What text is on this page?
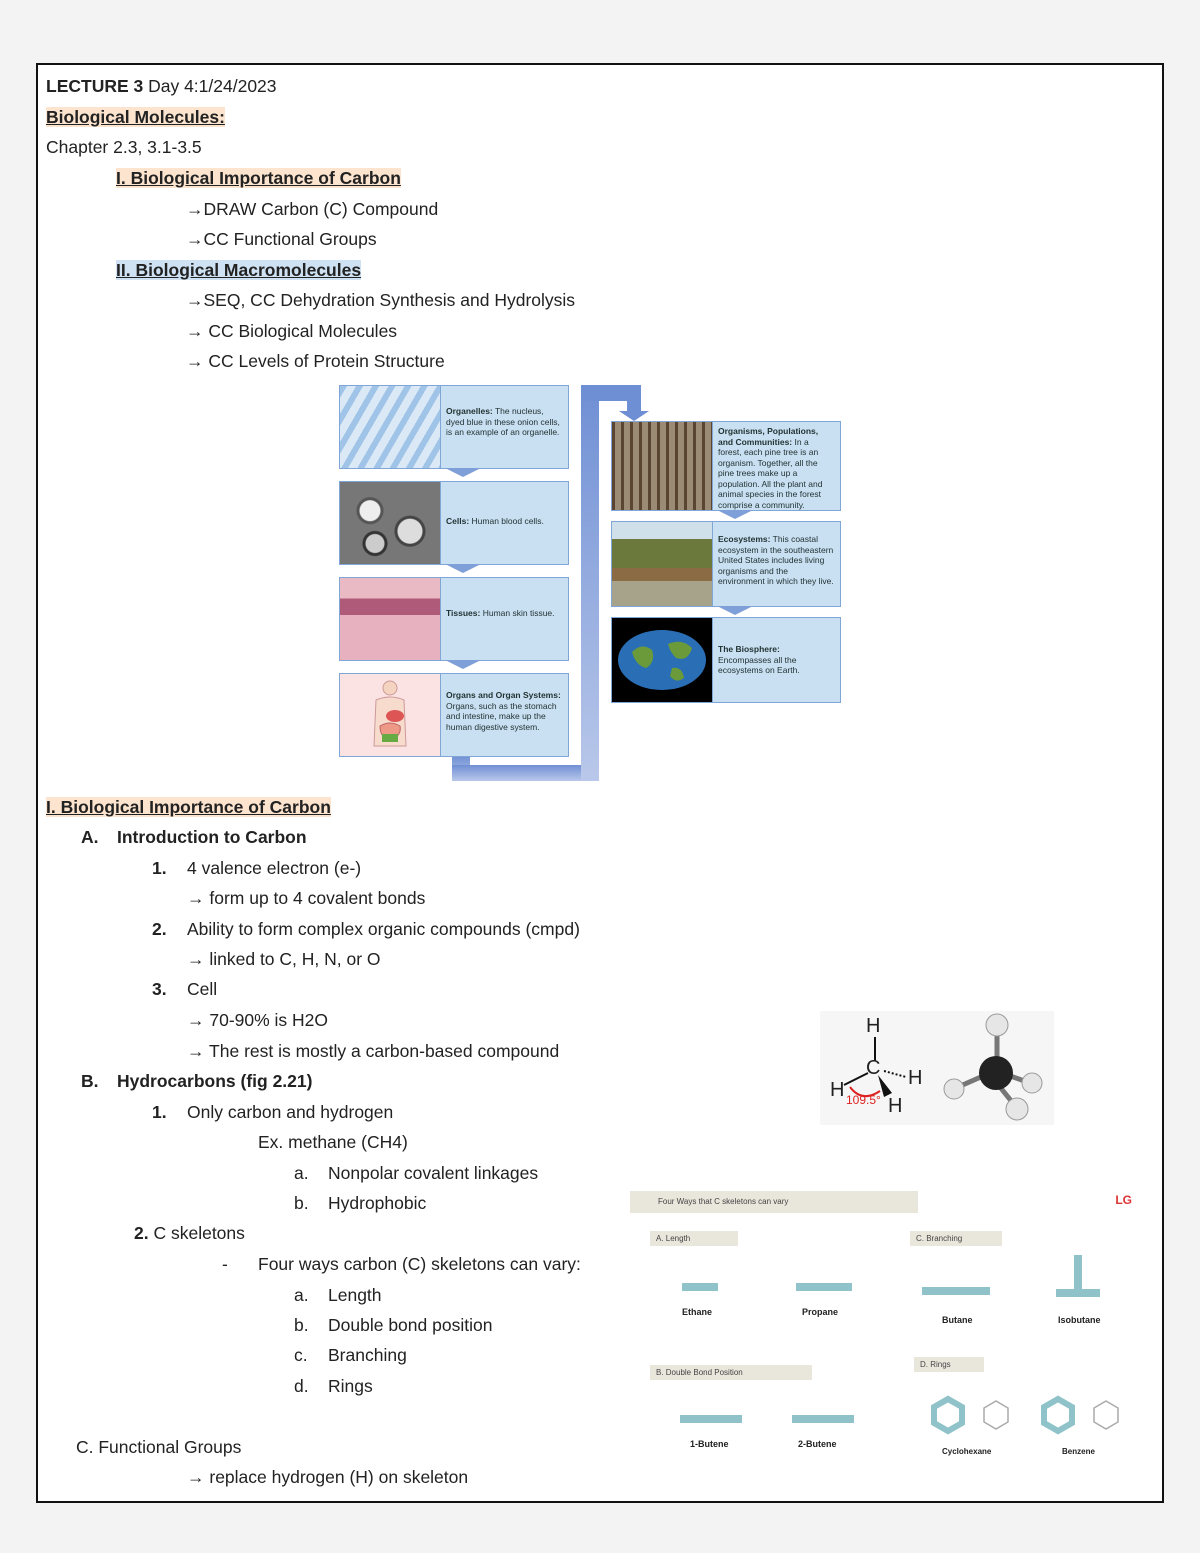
LECTURE 3 Day 4:1/24/2023
Biological Molecules:
Chapter 2.3, 3.1-3.5
I. Biological Importance of Carbon
→DRAW Carbon (C) Compound
→CC Functional Groups
II. Biological Macromolecules
→SEQ, CC Dehydration Synthesis and Hydrolysis
→ CC Biological Molecules
→ CC Levels of Protein Structure
Organelles: The nucleus, dyed blue in these onion cells, is an example of an organelle.
Cells: Human blood cells.
Tissues: Human skin tissue.
Organs and Organ Systems: Organs, such as the stomach and intestine, make up the human digestive system.
Organisms, Populations, and Communities: In a forest, each pine tree is an organism. Together, all the pine trees make up a population. All the plant and animal species in the forest comprise a community.
Ecosystems: This coastal ecosystem in the southeastern United States includes living organisms and the environment in which they live.
The Biosphere: Encompasses all the ecosystems on Earth.
I. Biological Importance of Carbon
A. Introduction to Carbon
1. 4 valence electron (e-)
→ form up to 4 covalent bonds
2. Ability to form complex organic compounds (cmpd)
→ linked to C, H, N, or O
3. Cell
→ 70-90% is H2O
→ The rest is mostly a carbon-based compound
B. Hydrocarbons (fig 2.21)
1. Only carbon and hydrogen
Ex. methane (CH4)
a. Nonpolar covalent linkages
b. Hydrophobic
2. C skeletons
- Four ways carbon (C) skeletons can vary:
a. Length
b. Double bond position
c. Branching
d. Rings
C. Functional Groups
→ replace hydrogen (H) on skeleton
H
C
H
H
H
109.5°
Four Ways that C skeletons can vary	LG
A. Length	C. Branching
B. Double Bond Position
D. Rings
Ethane	Propane
Butane	Isobutane
1-Butene	2-Butene
Cyclohexane	Benzene
